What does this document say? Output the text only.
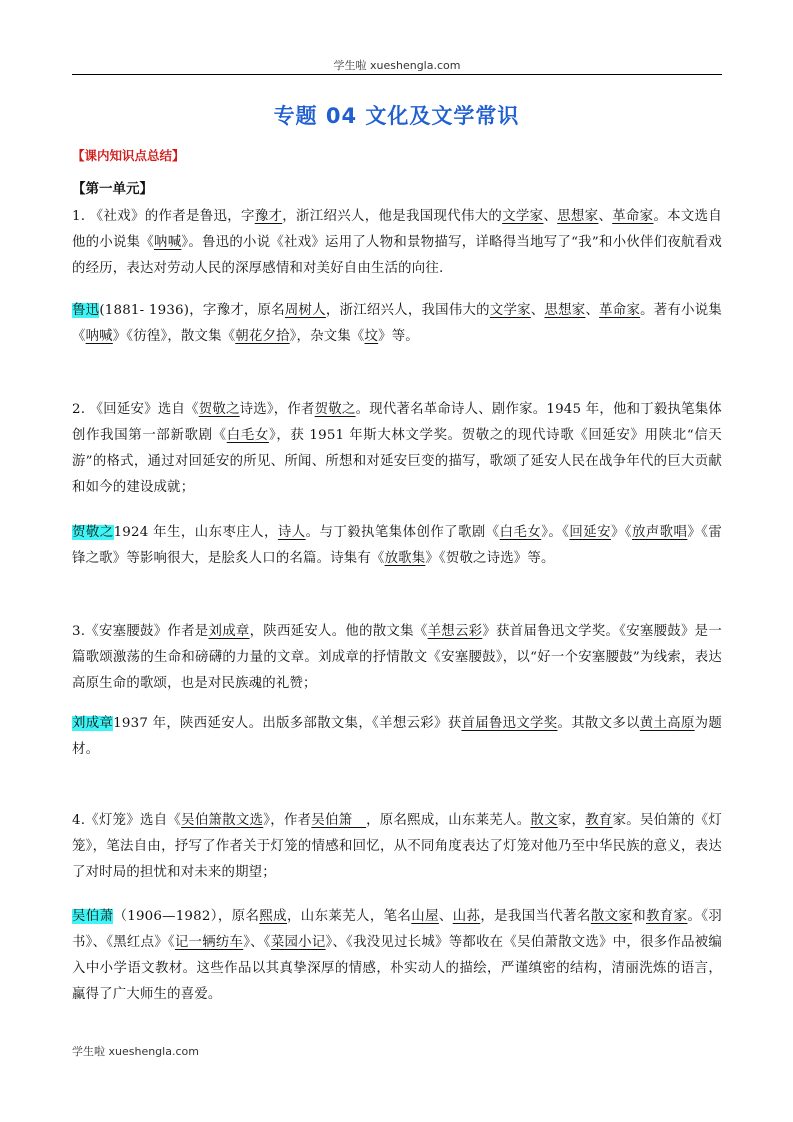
学生啦 xueshengla.com
专题 04 文化及文学常识
【课内知识点总结】
【第一单元】
1. 《社戏》的作者是鲁迅，字豫才，浙江绍兴人，他是我国现代伟大的文学家、思想家、革命家。本文选自他的小说集《呐喊》。鲁迅的小说《社戏》运用了人物和景物描写，详略得当地写了“我”和小伙伴们夜航看戏的经历，表达对劳动人民的深厚感情和对美好自由生活的向往.
鲁迅(1881- 1936)，字豫才，原名周树人，浙江绍兴人，我国伟大的文学家、思想家、革命家。著有小说集《呐喊》《彷徨》，散文集《朝花夕拾》，杂文集《坟》等。
2. 《回延安》选自《贺敬之诗选》，作者贺敬之。现代著名革命诗人、剧作家。1945 年，他和丁毅执笔集体创作我国第一部新歌剧《白毛女》，获 1951 年斯大林文学奖。贺敬之的现代诗歌《回延安》用陕北“信天游”的格式，通过对回延安的所见、所闻、所想和对延安巨变的描写，歌颂了延安人民在战争年代的巨大贡献和如今的建设成就；
贺敬之1924 年生，山东枣庄人，诗人。与丁毅执笔集体创作了歌剧《白毛女》。《回延安》《放声歌唱》《雷锋之歌》等影响很大，是脍炙人口的名篇。诗集有《放歌集》《贺敬之诗选》等。
3.《安塞腰鼓》作者是刘成章，陕西延安人。他的散文集《羊想云彩》获首届鲁迅文学奖。《安塞腰鼓》是一篇歌颂激荡的生命和磅礴的力量的文章。刘成章的抒情散文《安塞腰鼓》，以“好一个安塞腰鼓”为线索，表达高原生命的歌颂，也是对民族魂的礼赞；
刘成章1937 年，陕西延安人。出版多部散文集，《羊想云彩》获首届鲁迅文学奖。其散文多以黄土高原为题材。
4.《灯笼》选自《吴伯箫散文选》，作者吴伯箫　，原名熙成，山东莱芜人。散文家，教育家。吴伯箫的《灯笼》，笔法自由，抒写了作者关于灯笼的情感和回忆，从不同角度表达了灯笼对他乃至中华民族的意义，表达了对时局的担忧和对未来的期望；
吴伯萧（1906—1982），原名熙成，山东莱芜人，笔名山屋、山荪，是我国当代著名散文家和教育家。《羽书》、《黑红点》《记一辆纺车》、《菜园小记》、《我没见过长城》等都收在《吴伯萧散文选》中，很多作品被编入中小学语文教材。这些作品以其真挚深厚的情感，朴实动人的描绘，严谨缜密的结构，清丽洗炼的语言，赢得了广大师生的喜爱。
学生啦 xueshengla.com
